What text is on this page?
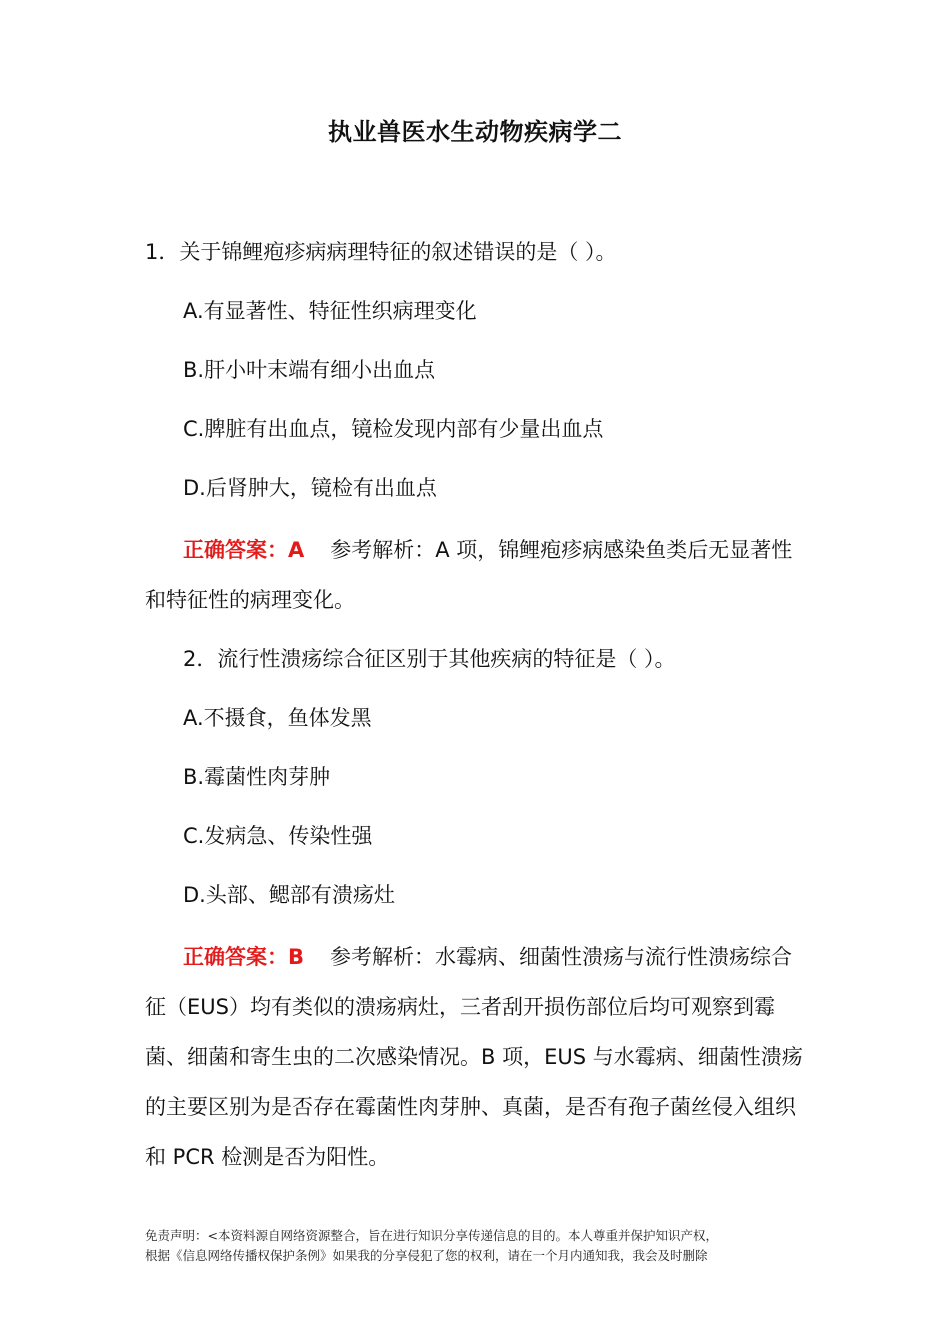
执业兽医水生动物疾病学二
1．关于锦鲤疱疹病病理特征的叙述错误的是（ ）。
A.有显著性、特征性织病理变化
B.肝小叶末端有细小出血点
C.脾脏有出血点，镜检发现内部有少量出血点
D.后肾肿大，镜检有出血点
正确答案：A 参考解析：A 项，锦鲤疱疹病感染鱼类后无显著性和特征性的病理变化。
2．流行性溃疡综合征区别于其他疾病的特征是（ ）。
A.不摄食，鱼体发黑
B.霉菌性肉芽肿
C.发病急、传染性强
D.头部、鳃部有溃疡灶
正确答案：B 参考解析：水霉病、细菌性溃疡与流行性溃疡综合征（EUS）均有类似的溃疡病灶，三者刮开损伤部位后均可观察到霉菌、细菌和寄生虫的二次感染情况。B 项，EUS 与水霉病、细菌性溃疡的主要区别为是否存在霉菌性肉芽肿、真菌，是否有孢子菌丝侵入组织和 PCR 检测是否为阳性。
免责声明：<本资料源自网络资源整合，旨在进行知识分享传递信息的目的。本人尊重并保护知识产权，
根据《信息网络传播权保护条例》如果我的分享侵犯了您的权利，请在一个月内通知我，我会及时删除
